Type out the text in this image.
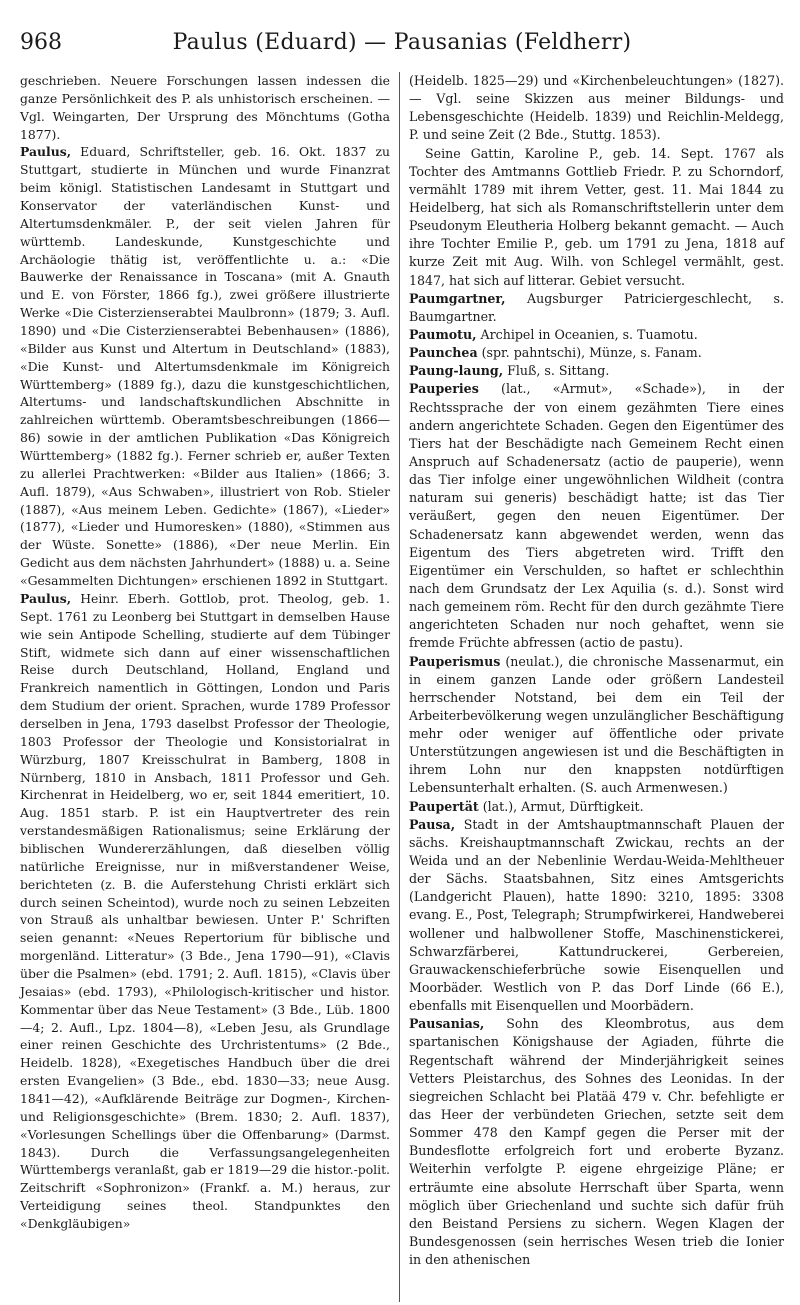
968	Paulus (Eduard) — Pausanias (Feldherr)

geschrieben. Neuere Forschungen lassen indessen die ganze Persönlichkeit des P. als unhistorisch erscheinen. — Vgl. Weingarten, Der Ursprung des Mönchtums (Gotha 1877).

Paulus, Eduard, Schriftsteller, geb. 16. Okt. 1837 zu Stuttgart, studierte in München und wurde Finanzrat beim königl. Statistischen Landesamt in Stuttgart und Konservator der vaterländischen Kunst- und Altertumsdenkmäler. P., der seit vielen Jahren für württemb. Landeskunde, Kunstgeschichte und Archäologie thätig ist, veröffentlichte u. a.: «Die Bauwerke der Renaissance in Toscana» (mit A. Gnauth und E. von Förster, 1866 fg.), zwei größere illustrierte Werke «Die Cisterzienserabtei Maulbronn» (1879; 3. Aufl. 1890) und «Die Cisterzienserabtei Bebenhausen» (1886), «Bilder aus Kunst und Altertum in Deutschland» (1883), «Die Kunst- und Altertumsdenkmale im Königreich Württemberg» (1889 fg.), dazu die kunstgeschichtlichen, Altertums- und landschaftskundlichen Abschnitte in zahlreichen württemb. Oberamtsbeschreibungen (1866—86) sowie in der amtlichen Publikation «Das Königreich Württemberg» (1882 fg.). Ferner schrieb er, außer Texten zu allerlei Prachtwerken: «Bilder aus Italien» (1866; 3. Aufl. 1879), «Aus Schwaben», illustriert von Rob. Stieler (1887), «Aus meinem Leben. Gedichte» (1867), «Lieder» (1877), «Lieder und Humoresken» (1880), «Stimmen aus der Wüste. Sonette» (1886), «Der neue Merlin. Ein Gedicht aus dem nächsten Jahrhundert» (1888) u. a. Seine «Gesammelten Dichtungen» erschienen 1892 in Stuttgart.

Paulus, Heinr. Eberh. Gottlob, prot. Theolog, geb. 1. Sept. 1761 zu Leonberg bei Stuttgart in demselben Hause wie sein Antipode Schelling, studierte auf dem Tübinger Stift, widmete sich dann auf einer wissenschaftlichen Reise durch Deutschland, Holland, England und Frankreich namentlich in Göttingen, London und Paris dem Studium der orient. Sprachen, wurde 1789 Professor derselben in Jena, 1793 daselbst Professor der Theologie, 1803 Professor der Theologie und Konsistorialrat in Würzburg, 1807 Kreisschulrat in Bamberg, 1808 in Nürnberg, 1810 in Ansbach, 1811 Professor und Geh. Kirchenrat in Heidelberg, wo er, seit 1844 emeritiert, 10. Aug. 1851 starb. P. ist ein Hauptvertreter des rein verstandesmäßigen Rationalismus; seine Erklärung der biblischen Wundererzählungen, daß dieselben völlig natürliche Ereignisse, nur in mißverstandener Weise, berichteten (z. B. die Auferstehung Christi erklärt sich durch seinen Scheintod), wurde noch zu seinen Lebzeiten von Strauß als unhaltbar bewiesen. Unter P.' Schriften seien genannt: «Neues Repertorium für biblische und morgenländ. Litteratur» (3 Bde., Jena 1790—91), «Clavis über die Psalmen» (ebd. 1791; 2. Aufl. 1815), «Clavis über Jesaias» (ebd. 1793), «Philologisch-kritischer und histor. Kommentar über das Neue Testament» (3 Bde., Lüb. 1800—4; 2. Aufl., Lpz. 1804—8), «Leben Jesu, als Grundlage einer reinen Geschichte des Urchristentums» (2 Bde., Heidelb. 1828), «Exegetisches Handbuch über die drei ersten Evangelien» (3 Bde., ebd. 1830—33; neue Ausg. 1841—42), «Aufklärende Beiträge zur Dogmen-, Kirchen- und Religionsgeschichte» (Brem. 1830; 2. Aufl. 1837), «Vorlesungen Schellings über die Offenbarung» (Darmst. 1843). Durch die Verfassungsangelegenheiten Württembergs veranlaßt, gab er 1819—29 die histor.-polit. Zeitschrift «Sophronizon» (Frankf. a. M.) heraus, zur Verteidigung seines theol. Standpunktes den «Denkgläubigen»

(Heidelb. 1825—29) und «Kirchenbeleuchtungen» (1827). — Vgl. seine Skizzen aus meiner Bildungs- und Lebensgeschichte (Heidelb. 1839) und Reichlin-Meldegg, P. und seine Zeit (2 Bde., Stuttg. 1853).

Seine Gattin, Karoline P., geb. 14. Sept. 1767 als Tochter des Amtmanns Gottlieb Friedr. P. zu Schorndorf, vermählt 1789 mit ihrem Vetter, gest. 11. Mai 1844 zu Heidelberg, hat sich als Romanschriftstellerin unter dem Pseudonym Eleutheria Holberg bekannt gemacht. — Auch ihre Tochter Emilie P., geb. um 1791 zu Jena, 1818 auf kurze Zeit mit Aug. Wilh. von Schlegel vermählt, gest. 1847, hat sich auf litterar. Gebiet versucht.

Paumgartner, Augsburger Patriciergeschlecht, s. Baumgartner.

Paumotu, Archipel in Oceanien, s. Tuamotu.

Paunchea (spr. pahntschi), Münze, s. Fanam.

Paung-laung, Fluß, s. Sittang.

Pauperies (lat., «Armut», «Schade»), in der Rechtssprache der von einem gezähmten Tiere eines andern angerichtete Schaden. Gegen den Eigentümer des Tiers hat der Beschädigte nach Gemeinem Recht einen Anspruch auf Schadenersatz (actio de pauperie), wenn das Tier infolge einer ungewöhnlichen Wildheit (contra naturam sui generis) beschädigt hatte; ist das Tier veräußert, gegen den neuen Eigentümer. Der Schadenersatz kann abgewendet werden, wenn das Eigentum des Tiers abgetreten wird. Trifft den Eigentümer ein Verschulden, so haftet er schlechthin nach dem Grundsatz der Lex Aquilia (s. d.). Sonst wird nach gemeinem röm. Recht für den durch gezähmte Tiere angerichteten Schaden nur noch gehaftet, wenn sie fremde Früchte abfressen (actio de pastu).

Pauperismus (neulat.), die chronische Massenarmut, ein in einem ganzen Lande oder größern Landesteil herrschender Notstand, bei dem ein Teil der Arbeiterbevölkerung wegen unzulänglicher Beschäftigung mehr oder weniger auf öffentliche oder private Unterstützungen angewiesen ist und die Beschäftigten in ihrem Lohn nur den knappsten notdürftigen Lebensunterhalt erhalten. (S. auch Armenwesen.)

Paupertät (lat.), Armut, Dürftigkeit.

Pausa, Stadt in der Amtshauptmannschaft Plauen der sächs. Kreishauptmannschaft Zwickau, rechts an der Weida und an der Nebenlinie Werdau-Weida-Mehltheuer der Sächs. Staatsbahnen, Sitz eines Amtsgerichts (Landgericht Plauen), hatte 1890: 3210, 1895: 3308 evang. E., Post, Telegraph; Strumpfwirkerei, Handweberei wollener und halbwollener Stoffe, Maschinenstickerei, Schwarzfärberei, Kattundruckerei, Gerbereien, Grauwackenschieferbrüche sowie Eisenquellen und Moorbäder. Westlich von P. das Dorf Linde (66 E.), ebenfalls mit Eisenquellen und Moorbädern.

Pausanias, Sohn des Kleombrotus, aus dem spartanischen Königshause der Agiaden, führte die Regentschaft während der Minderjährigkeit seines Vetters Pleistarchus, des Sohnes des Leonidas. In der siegreichen Schlacht bei Platää 479 v. Chr. befehligte er das Heer der verbündeten Griechen, setzte seit dem Sommer 478 den Kampf gegen die Perser mit der Bundesflotte erfolgreich fort und eroberte Byzanz. Weiterhin verfolgte P. eigene ehrgeizige Pläne; er erträumte eine absolute Herrschaft über Sparta, wenn möglich über Griechenland und suchte sich dafür früh den Beistand Persiens zu sichern. Wegen Klagen der Bundesgenossen (sein herrisches Wesen trieb die Ionier in den athenischen
